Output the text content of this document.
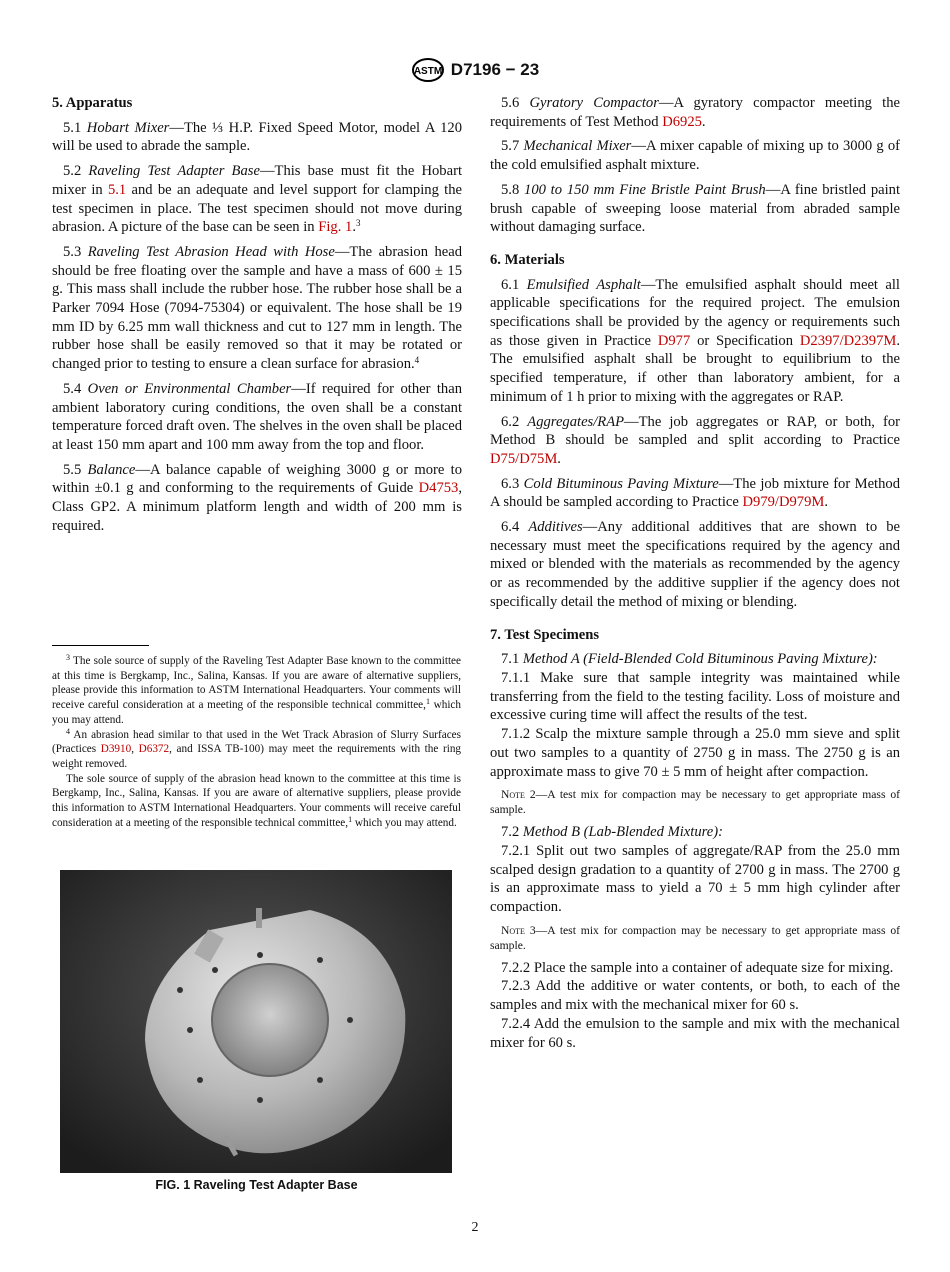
ASTM D7196 − 23
5. Apparatus
5.1 Hobart Mixer—The ⅓ H.P. Fixed Speed Motor, model A 120 will be used to abrade the sample.
5.2 Raveling Test Adapter Base—This base must fit the Hobart mixer in 5.1 and be an adequate and level support for clamping the test specimen in place. The test specimen should not move during abrasion. A picture of the base can be seen in Fig. 1.$^3$
5.3 Raveling Test Abrasion Head with Hose—The abrasion head should be free floating over the sample and have a mass of 600 ± 15 g. This mass shall include the rubber hose. The rubber hose shall be a Parker 7094 Hose (7094-75304) or equivalent. The hose shall be 19 mm ID by 6.25 mm wall thickness and cut to 127 mm in length. The rubber hose shall be easily removed so that it may be rotated or changed prior to testing to ensure a clean surface for abrasion.$^4$
5.4 Oven or Environmental Chamber—If required for other than ambient laboratory curing conditions, the oven shall be a constant temperature forced draft oven. The shelves in the oven shall be placed at least 150 mm apart and 100 mm away from the top and floor.
5.5 Balance—A balance capable of weighing 3000 g or more to within ±0.1 g and conforming to the requirements of Guide D4753, Class GP2. A minimum platform length and width of 200 mm is required.
$^3$ The sole source of supply of the Raveling Test Adapter Base known to the committee at this time is Bergkamp, Inc., Salina, Kansas. If you are aware of alternative suppliers, please provide this information to ASTM International Headquarters. Your comments will receive careful consideration at a meeting of the responsible technical committee,$^1$ which you may attend.
$^4$ An abrasion head similar to that used in the Wet Track Abrasion of Slurry Surfaces (Practices D3910, D6372, and ISSA TB-100) may meet the requirements with the ring weight removed.
The sole source of supply of the abrasion head known to the committee at this time is Bergkamp, Inc., Salina, Kansas. If you are aware of alternative suppliers, please provide this information to ASTM International Headquarters. Your comments will receive careful consideration at a meeting of the responsible technical committee,$^1$ which you may attend.
FIG. 1 Raveling Test Adapter Base
5.6 Gyratory Compactor—A gyratory compactor meeting the requirements of Test Method D6925.
5.7 Mechanical Mixer—A mixer capable of mixing up to 3000 g of the cold emulsified asphalt mixture.
5.8 100 to 150 mm Fine Bristle Paint Brush—A fine bristled paint brush capable of sweeping loose material from abraded sample without damaging surface.
6. Materials
6.1 Emulsified Asphalt—The emulsified asphalt should meet all applicable specifications for the required project. The emulsion specifications shall be provided by the agency or requirements such as those given in Practice D977 or Specification D2397/D2397M. The emulsified asphalt shall be brought to equilibrium to the specified temperature, if other than laboratory ambient, for a minimum of 1 h prior to mixing with the aggregates or RAP.
6.2 Aggregates/RAP—The job aggregates or RAP, or both, for Method B should be sampled and split according to Practice D75/D75M.
6.3 Cold Bituminous Paving Mixture—The job mixture for Method A should be sampled according to Practice D979/D979M.
6.4 Additives—Any additional additives that are shown to be necessary must meet the specifications required by the agency and mixed or blended with the materials as recommended by the agency or as recommended by the additive supplier if the agency does not specifically detail the method of mixing or blending.
7. Test Specimens
7.1 Method A (Field-Blended Cold Bituminous Paving Mixture):
7.1.1 Make sure that sample integrity was maintained while transferring from the field to the testing facility. Loss of moisture and excessive curing time will affect the results of the test.
7.1.2 Scalp the mixture sample through a 25.0 mm sieve and split out two samples to a quantity of 2750 g in mass. The 2750 g is an approximate mass to give 70 ± 5 mm of height after compaction.
Note 2—A test mix for compaction may be necessary to get appropriate mass of sample.
7.2 Method B (Lab-Blended Mixture):
7.2.1 Split out two samples of aggregate/RAP from the 25.0 mm scalped design gradation to a quantity of 2700 g in mass. The 2700 g is an approximate mass to yield a 70 ± 5 mm high cylinder after compaction.
Note 3—A test mix for compaction may be necessary to get appropriate mass of sample.
7.2.2 Place the sample into a container of adequate size for mixing.
7.2.3 Add the additive or water contents, or both, to each of the samples and mix with the mechanical mixer for 60 s.
7.2.4 Add the emulsion to the sample and mix with the mechanical mixer for 60 s.
2
